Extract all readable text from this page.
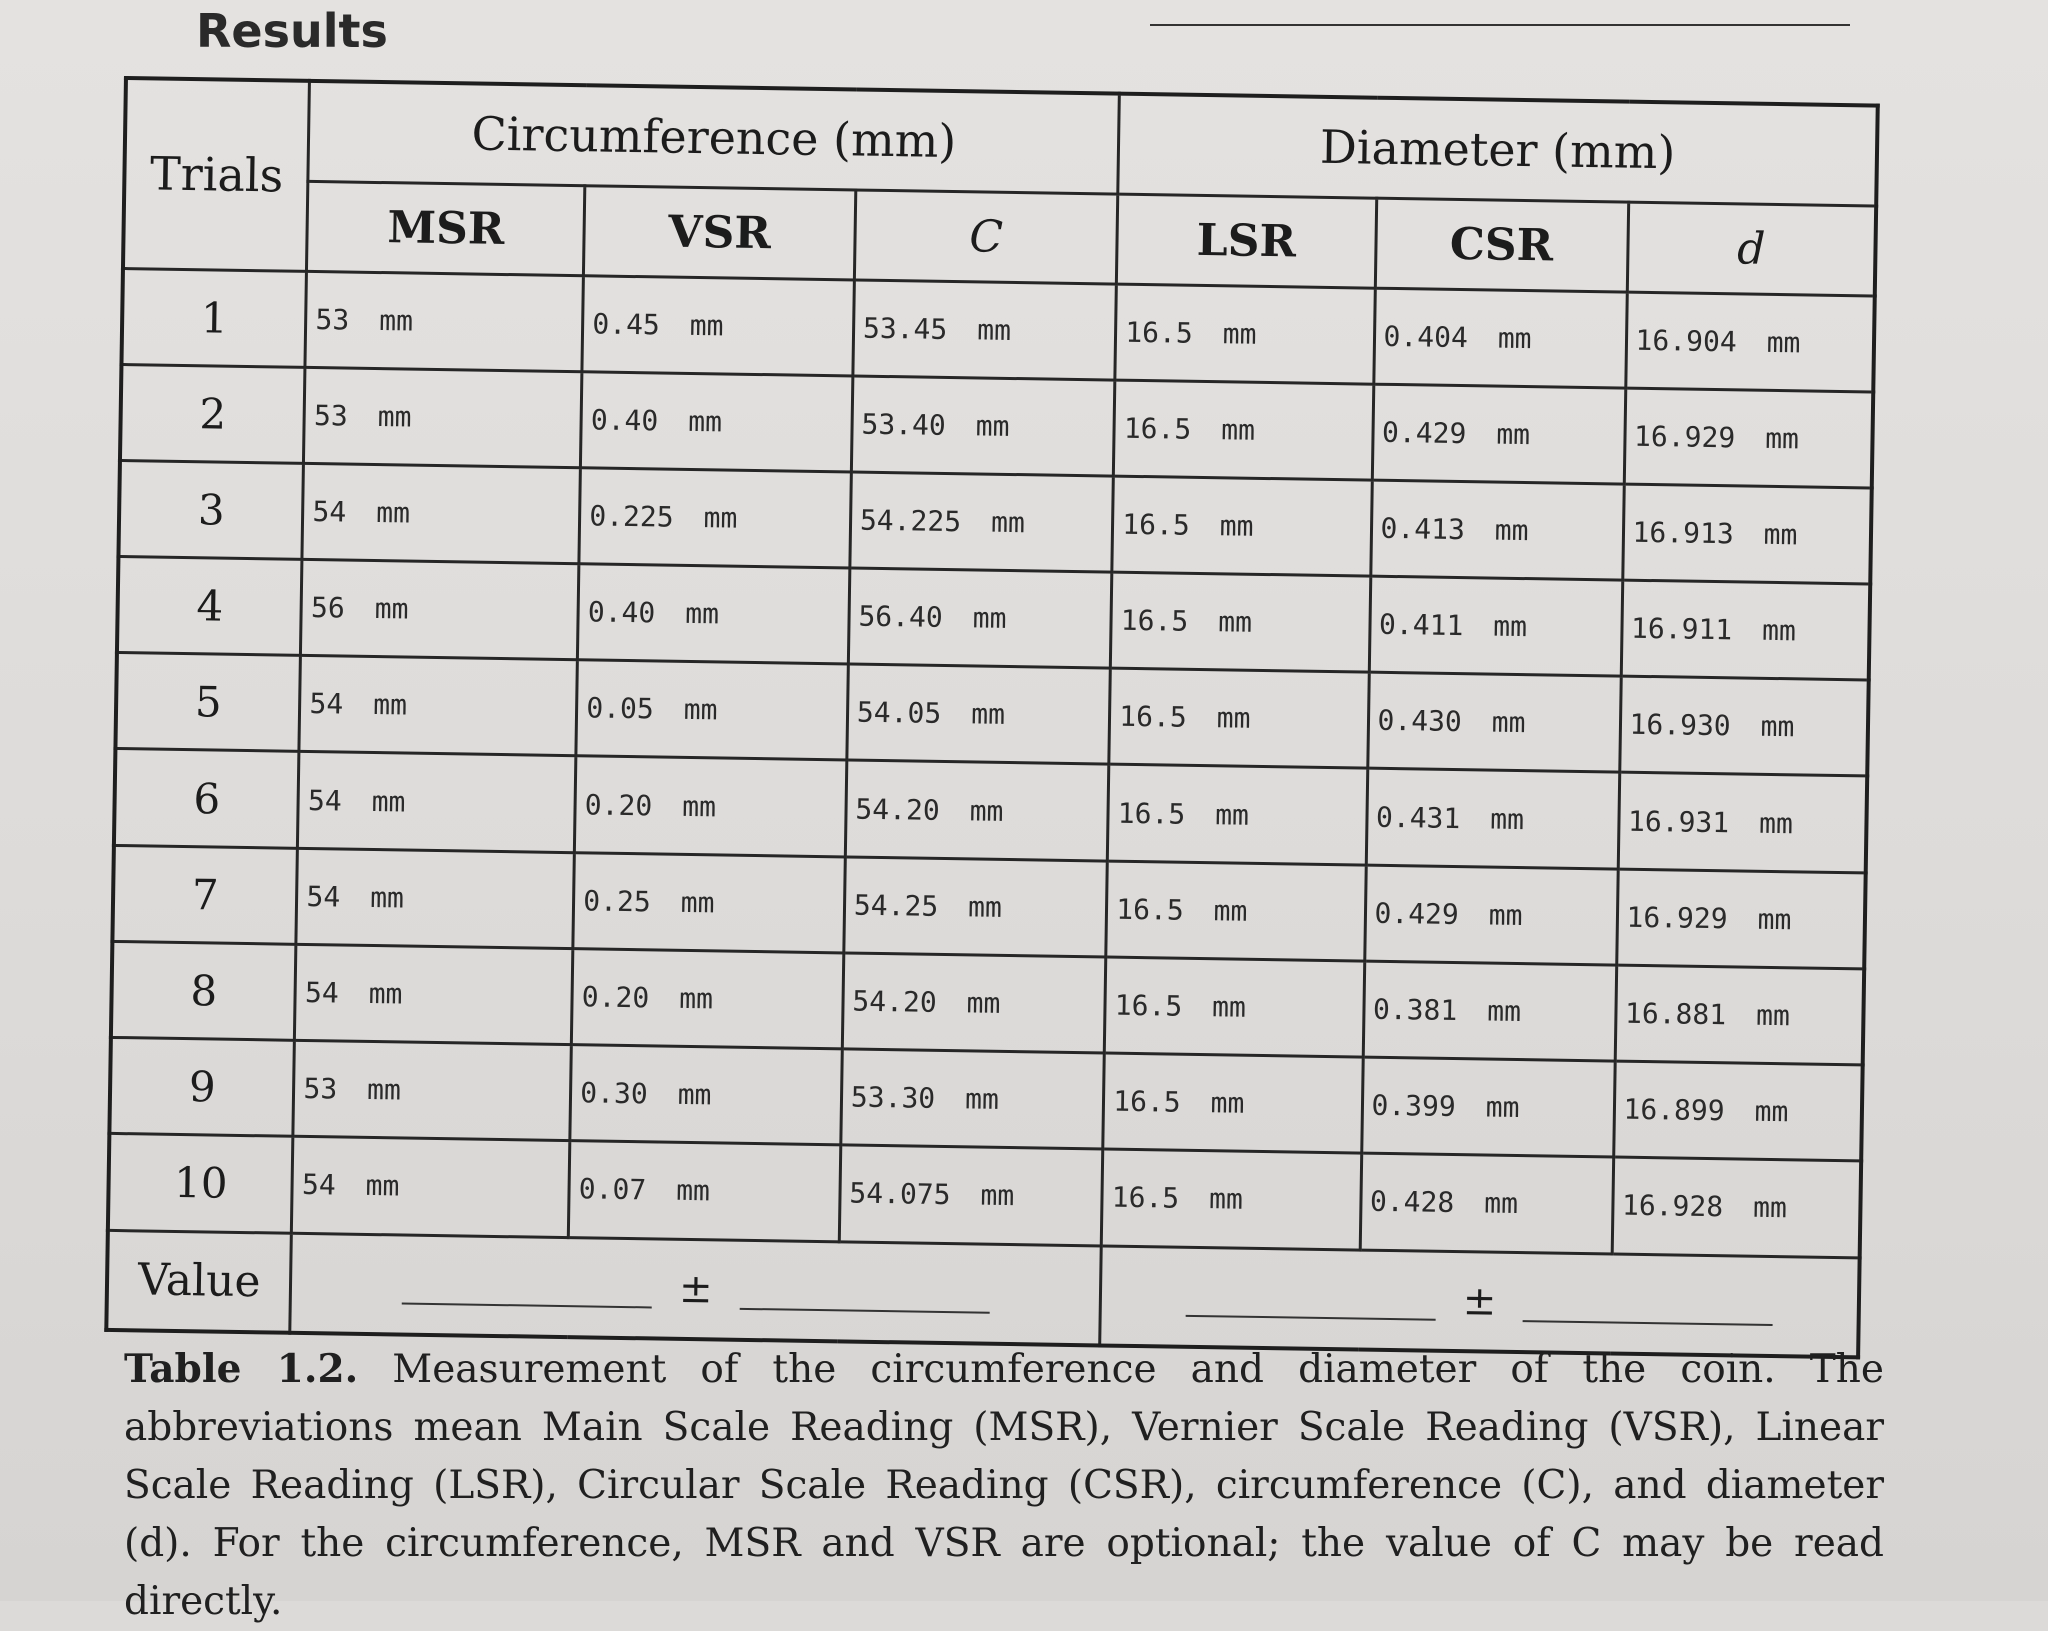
Results
Trials	Circumference (mm)			Diameter (mm)		
	MSR	VSR	C	LSR	CSR	d
1	53 mm	0.45 mm	53.45 mm	16.5 mm	0.404 mm	16.904 mm
2	53 mm	0.40 mm	53.40 mm	16.5 mm	0.429 mm	16.929 mm
3	54 mm	0.225 mm	54.225 mm	16.5 mm	0.413 mm	16.913 mm
4	56 mm	0.40 mm	56.40 mm	16.5 mm	0.411 mm	16.911 mm
5	54 mm	0.05 mm	54.05 mm	16.5 mm	0.430 mm	16.930 mm
6	54 mm	0.20 mm	54.20 mm	16.5 mm	0.431 mm	16.931 mm
7	54 mm	0.25 mm	54.25 mm	16.5 mm	0.429 mm	16.929 mm
8	54 mm	0.20 mm	54.20 mm	16.5 mm	0.381 mm	16.881 mm
9	53 mm	0.30 mm	53.30 mm	16.5 mm	0.399 mm	16.899 mm
10	54 mm	0.07 mm	54.075 mm	16.5 mm	0.428 mm	16.928 mm
Value	±			±		
Table 1.2. Measurement of the circumference and diameter of the coin. The abbreviations mean Main Scale Reading (MSR), Vernier Scale Reading (VSR), Linear Scale Reading (LSR), Circular Scale Reading (CSR), circumference (C), and diameter (d). For the circumference, MSR and VSR are optional; the value of C may be read directly.
